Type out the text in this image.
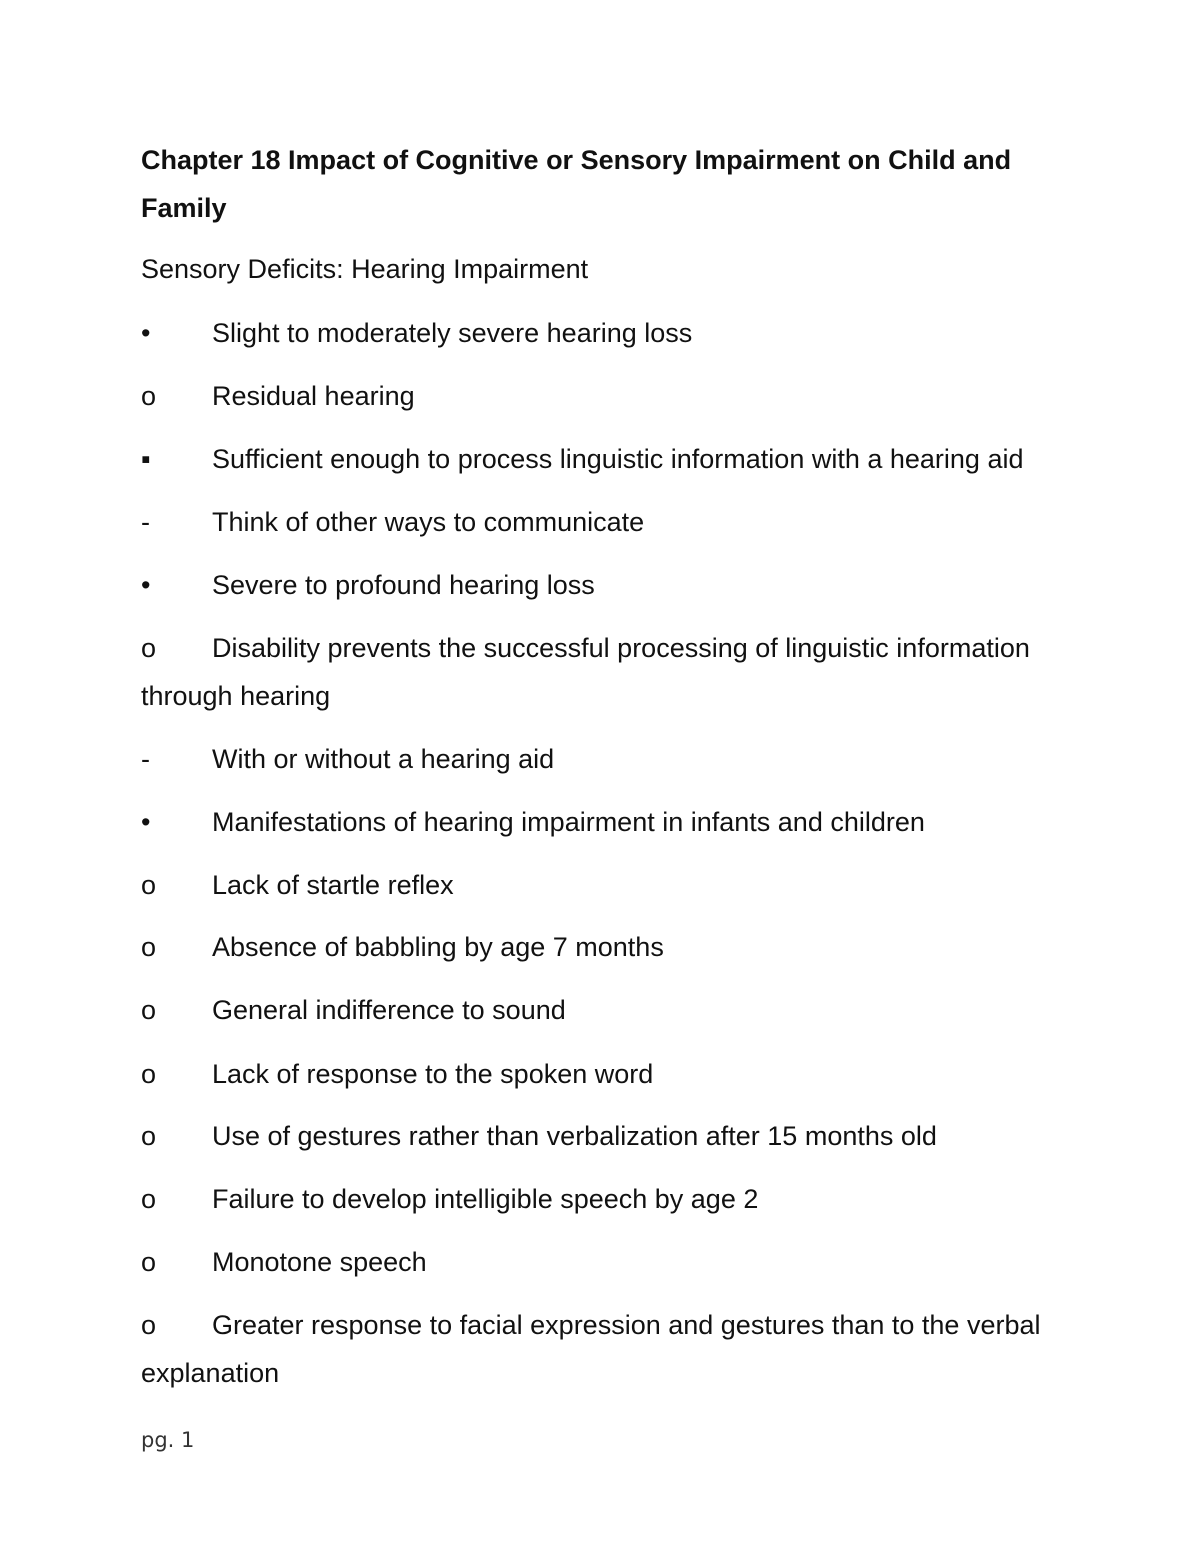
Chapter 18 Impact of Cognitive or Sensory Impairment on Child and Family

Sensory Deficits: Hearing Impairment

• Slight to moderately severe hearing loss

o Residual hearing

▪ Sufficient enough to process linguistic information with a hearing aid

- Think of other ways to communicate

• Severe to profound hearing loss

o Disability prevents the successful processing of linguistic information through hearing

- With or without a hearing aid

• Manifestations of hearing impairment in infants and children

o Lack of startle reflex

o Absence of babbling by age 7 months

o General indifference to sound

o Lack of response to the spoken word

o Use of gestures rather than verbalization after 15 months old

o Failure to develop intelligible speech by age 2

o Monotone speech

o Greater response to facial expression and gestures than to the verbal explanation

pg. 1
